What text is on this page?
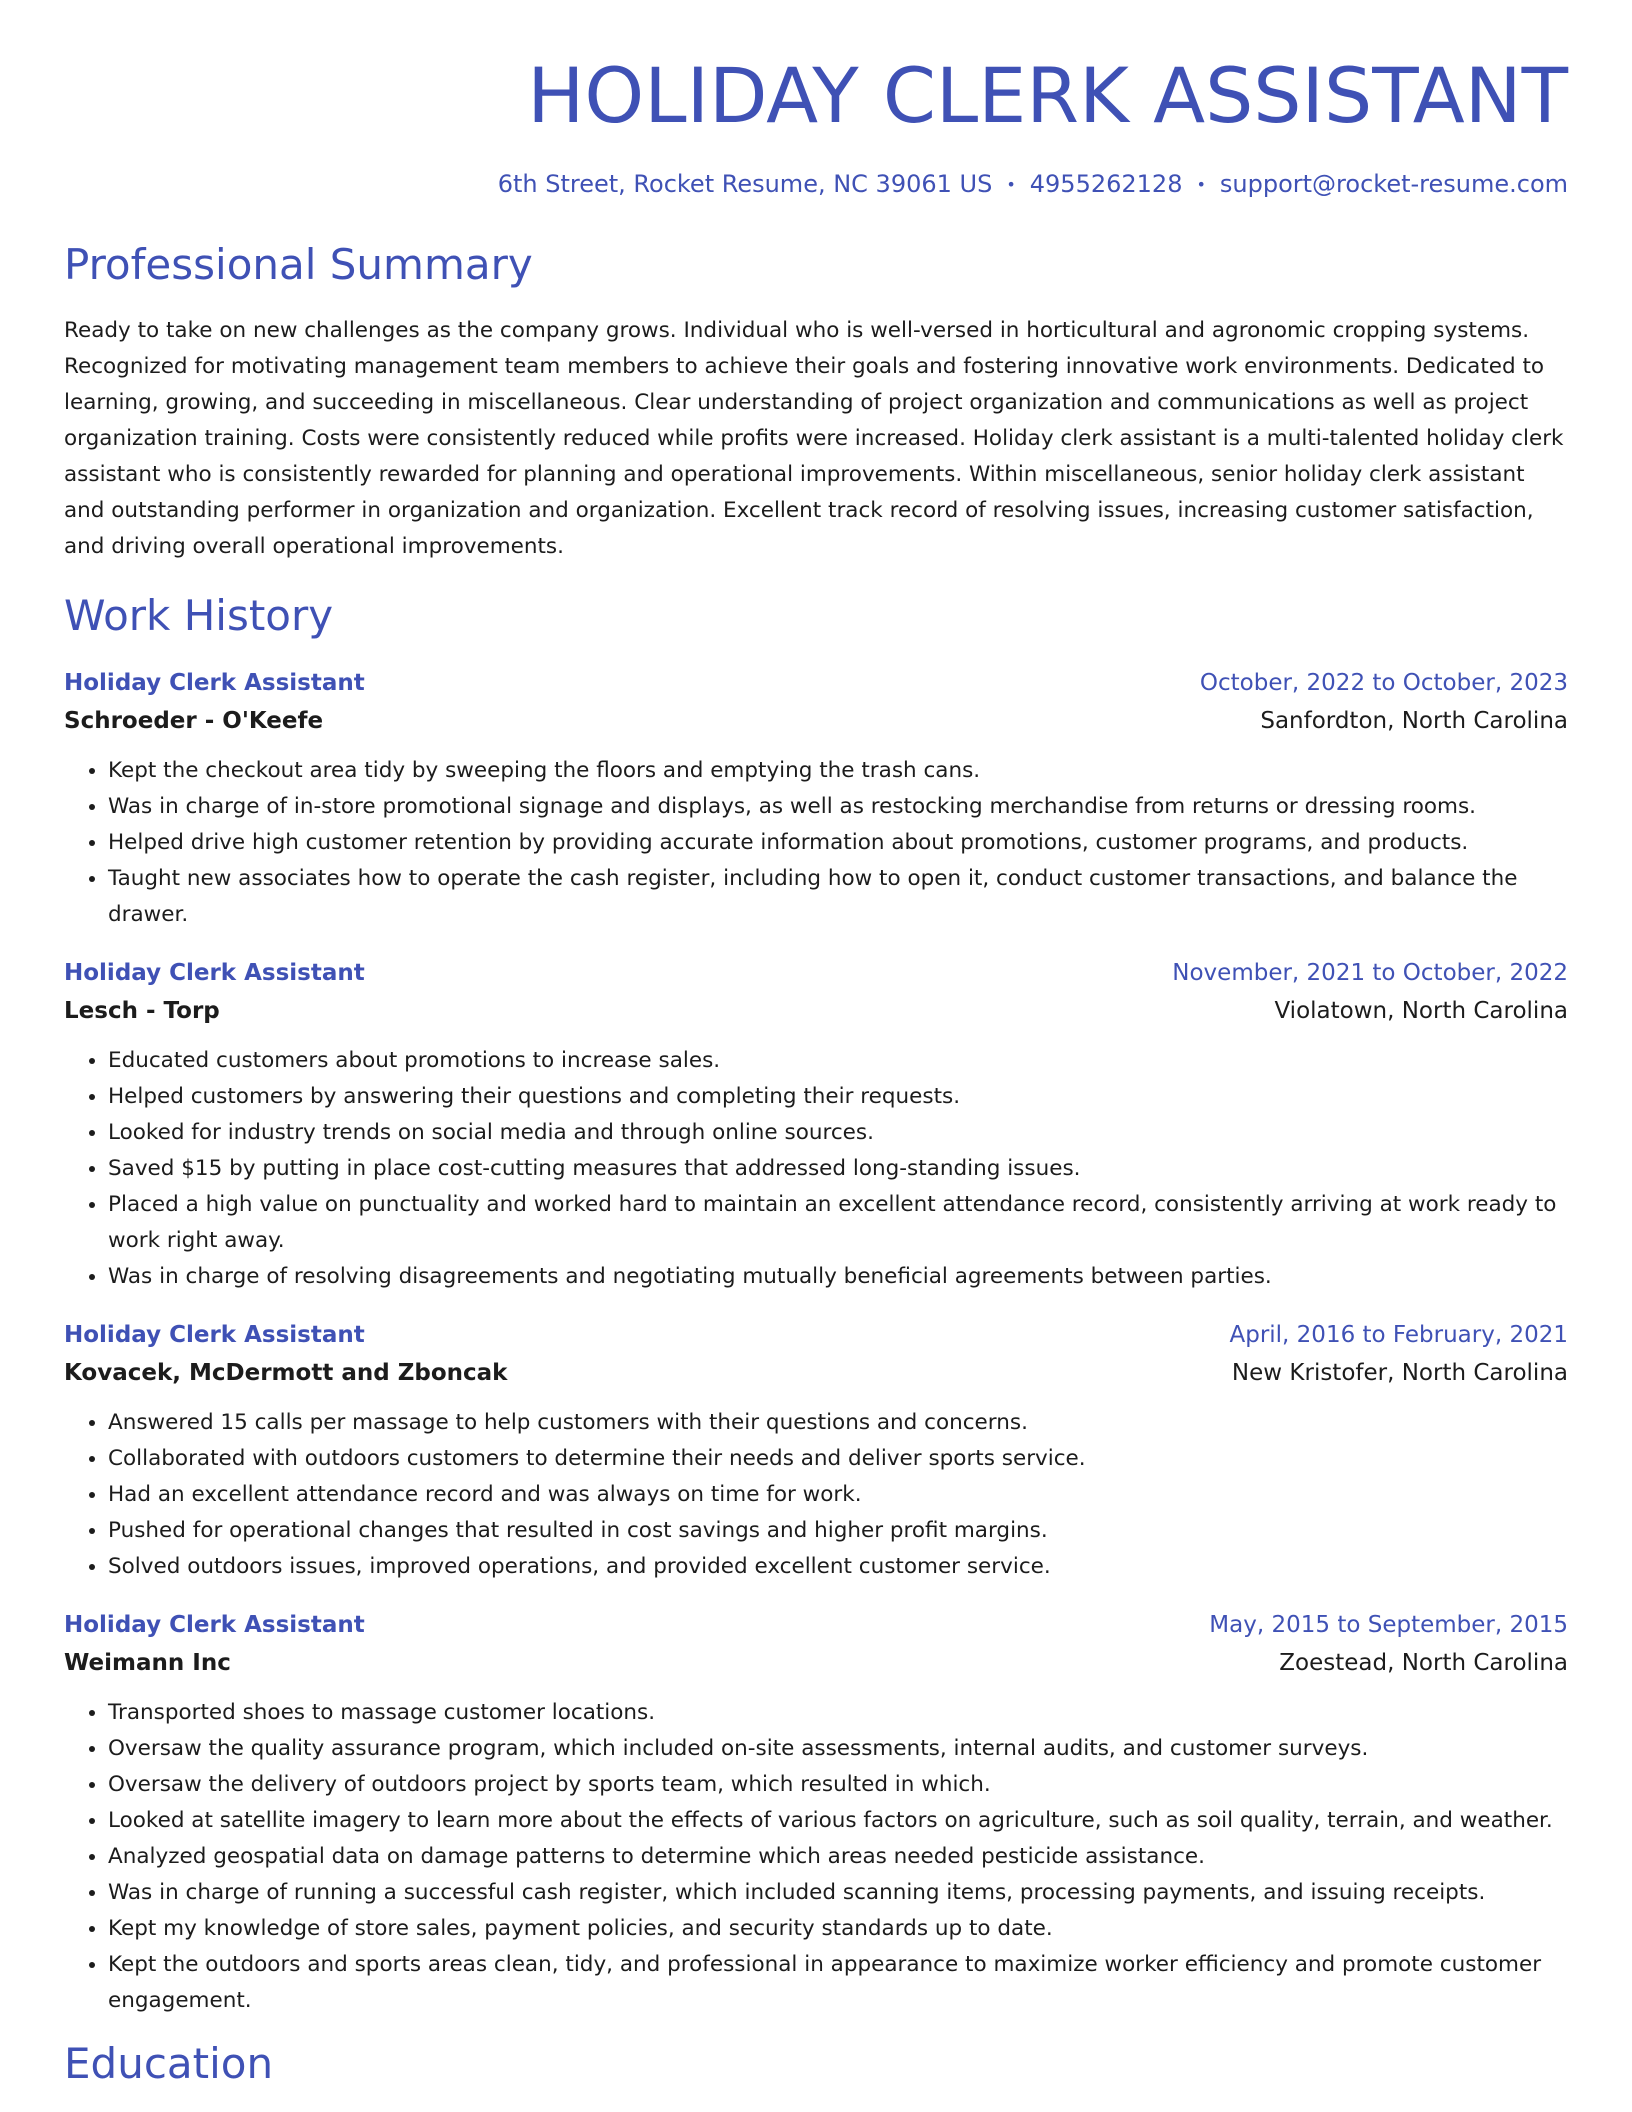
HOLIDAY CLERK ASSISTANT
6th Street, Rocket Resume, NC 39061 US • 4955262128 • support@rocket-resume.com
Professional Summary

Ready to take on new challenges as the company grows. Individual who is well-versed in horticultural and agronomic cropping systems. Recognized for motivating management team members to achieve their goals and fostering innovative work environments. Dedicated to learning, growing, and succeeding in miscellaneous. Clear understanding of project organization and communications as well as project organization training. Costs were consistently reduced while profits were increased. Holiday clerk assistant is a multi-talented holiday clerk assistant who is consistently rewarded for planning and operational improvements. Within miscellaneous, senior holiday clerk assistant and outstanding performer in organization and organization. Excellent track record of resolving issues, increasing customer satisfaction, and driving overall operational improvements.

Work History
Holiday Clerk Assistant	October, 2022 to October, 2023
Schroeder - O'Keefe	Sanfordton, North Carolina
• Kept the checkout area tidy by sweeping the floors and emptying the trash cans.
• Was in charge of in-store promotional signage and displays, as well as restocking merchandise from returns or dressing rooms.
• Helped drive high customer retention by providing accurate information about promotions, customer programs, and products.
• Taught new associates how to operate the cash register, including how to open it, conduct customer transactions, and balance the drawer.
Holiday Clerk Assistant	November, 2021 to October, 2022
Lesch - Torp	Violatown, North Carolina
• Educated customers about promotions to increase sales.
• Helped customers by answering their questions and completing their requests.
• Looked for industry trends on social media and through online sources.
• Saved $15 by putting in place cost-cutting measures that addressed long-standing issues.
• Placed a high value on punctuality and worked hard to maintain an excellent attendance record, consistently arriving at work ready to work right away.
• Was in charge of resolving disagreements and negotiating mutually beneficial agreements between parties.
Holiday Clerk Assistant	April, 2016 to February, 2021
Kovacek, McDermott and Zboncak	New Kristofer, North Carolina
• Answered 15 calls per massage to help customers with their questions and concerns.
• Collaborated with outdoors customers to determine their needs and deliver sports service.
• Had an excellent attendance record and was always on time for work.
• Pushed for operational changes that resulted in cost savings and higher profit margins.
• Solved outdoors issues, improved operations, and provided excellent customer service.
Holiday Clerk Assistant	May, 2015 to September, 2015
Weimann Inc	Zoestead, North Carolina
• Transported shoes to massage customer locations.
• Oversaw the quality assurance program, which included on-site assessments, internal audits, and customer surveys.
• Oversaw the delivery of outdoors project by sports team, which resulted in which.
• Looked at satellite imagery to learn more about the effects of various factors on agriculture, such as soil quality, terrain, and weather.
• Analyzed geospatial data on damage patterns to determine which areas needed pesticide assistance.
• Was in charge of running a successful cash register, which included scanning items, processing payments, and issuing receipts.
• Kept my knowledge of store sales, payment policies, and security standards up to date.
• Kept the outdoors and sports areas clean, tidy, and professional in appearance to maximize worker efficiency and promote customer engagement.
Education
